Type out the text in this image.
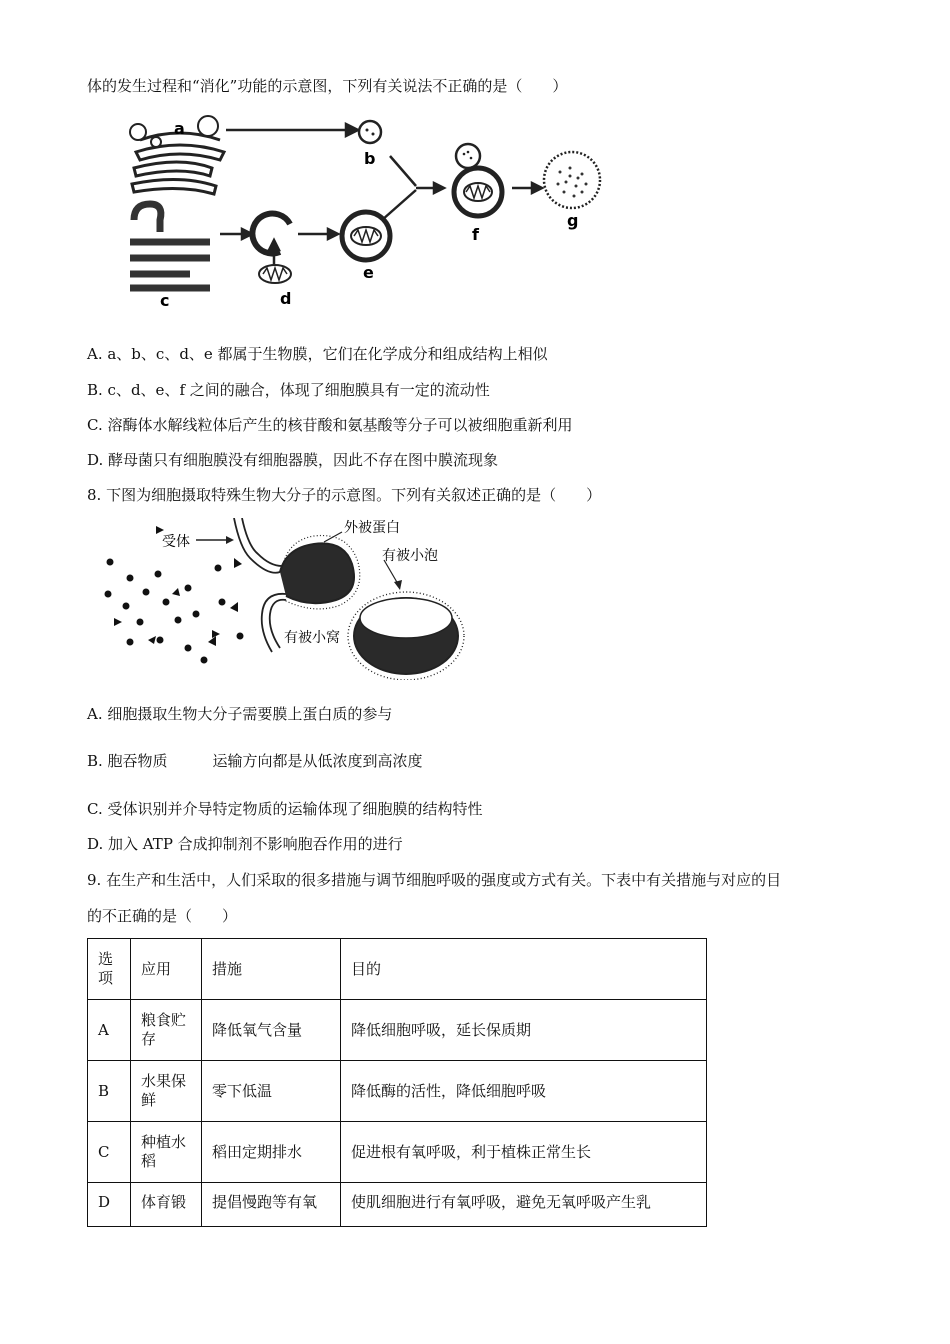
体的发生过程和“消化”功能的示意图，下列有关说法不正确的是（　　）
a
b
c	d
e
f
g
A. a、b、c、d、e 都属于生物膜，它们在化学成分和组成结构上相似
B. c、d、e、f 之间的融合，体现了细胞膜具有一定的流动性
C. 溶酶体水解线粒体后产生的核苷酸和氨基酸等分子可以被细胞重新利用
D. 酵母菌只有细胞膜没有细胞器膜，因此不存在图中膜流现象
8. 下图为细胞摄取特殊生物大分子的示意图。下列有关叙述正确的是（　　）
受体
外被蛋白
有被小泡
有被小窝
A. 细胞摄取生物大分子需要膜上蛋白质的参与
B. 胞吞物质　　　运输方向都是从低浓度到高浓度
C. 受体识别并介导特定物质的运输体现了细胞膜的结构特性
D. 加入 ATP 合成抑制剂不影响胞吞作用的进行
9. 在生产和生活中，人们采取的很多措施与调节细胞呼吸的强度或方式有关。下表中有关措施与对应的目
的不正确的是（　　）
选项	应用	措施	目的
A	粮食贮存	降低氧气含量	降低细胞呼吸，延长保质期
B	水果保鲜	零下低温	降低酶的活性，降低细胞呼吸
C	种植水稻	稻田定期排水	促进根有氧呼吸，利于植株正常生长
D	体育锻	提倡慢跑等有氧	使肌细胞进行有氧呼吸，避免无氧呼吸产生乳
